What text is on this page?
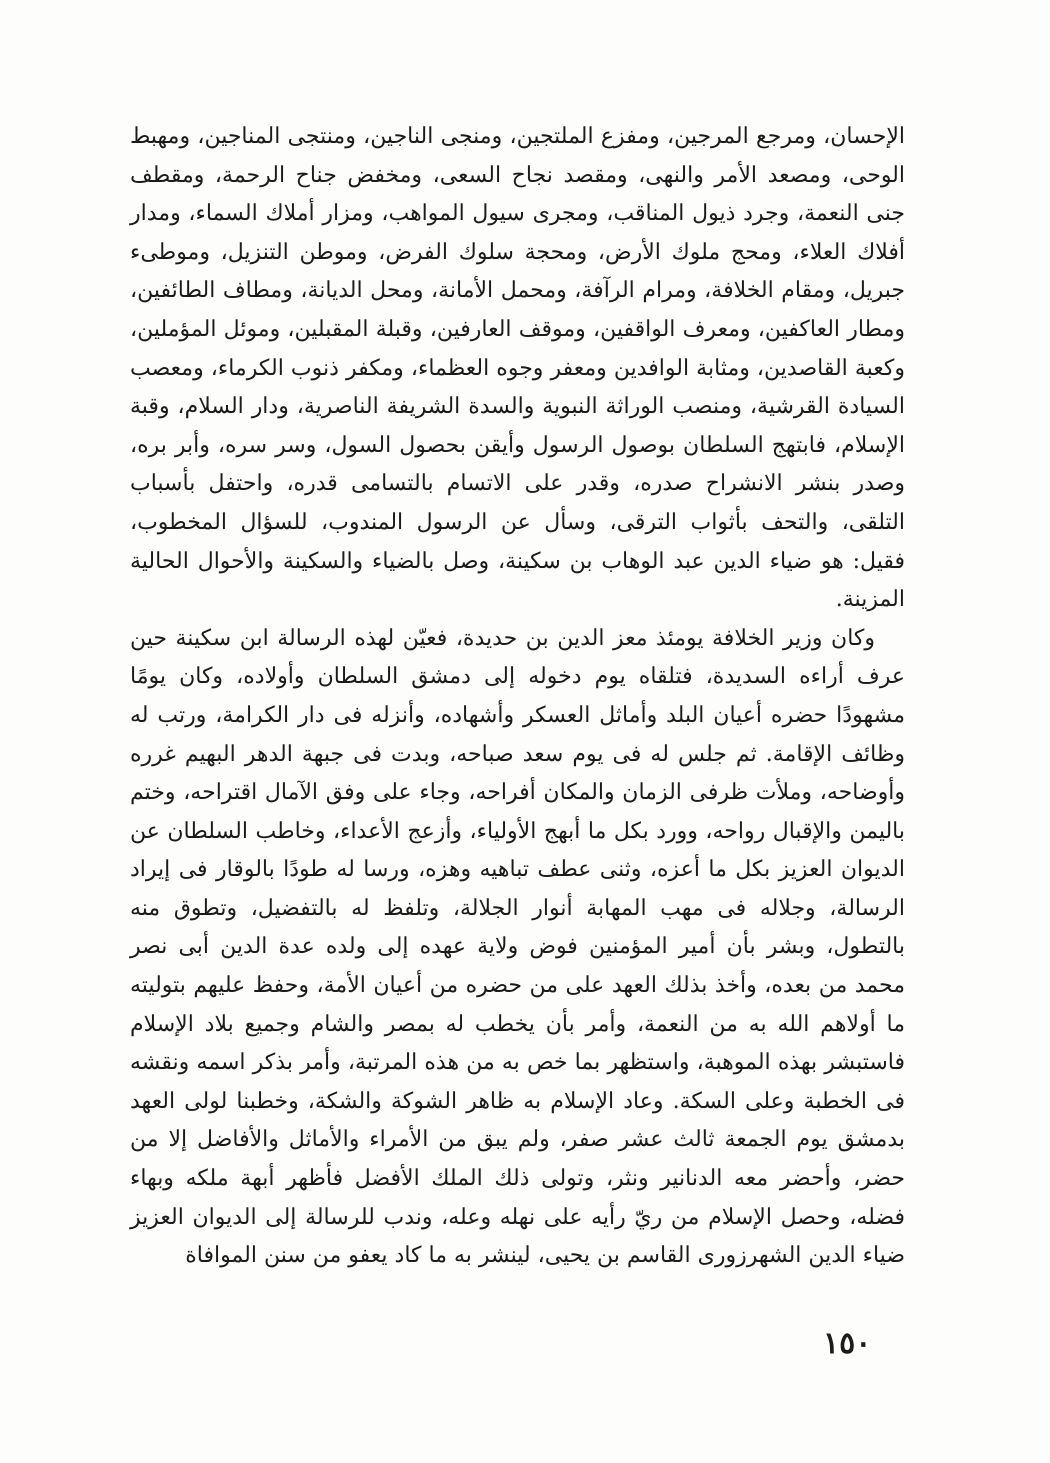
الإحسان، ومرجع المرجين، ومفزع الملتجين، ومنجى الناجين، ومنتجى المناجين، ومهبط الوحى، ومصعد الأمر والنهى، ومقصد نجاح السعى، ومخفض جناح الرحمة، ومقطف جنى النعمة، وجرد ذيول المناقب، ومجرى سيول المواهب، ومزار أملاك السماء، ومدار أفلاك العلاء، ومحج ملوك الأرض، ومحجة سلوك الفرض، وموطن التنزيل، وموطىء جبريل، ومقام الخلافة، ومرام الرآفة، ومحمل الأمانة، ومحل الديانة، ومطاف الطائفين، ومطار العاكفين، ومعرف الواقفين، وموقف العارفين، وقبلة المقبلين، وموئل المؤملين، وكعبة القاصدين، ومثابة الوافدين ومعفر وجوه العظماء، ومكفر ذنوب الكرماء، ومعصب السيادة القرشية، ومنصب الوراثة النبوية والسدة الشريفة الناصرية، ودار السلام، وقبة الإسلام، فابتهج السلطان بوصول الرسول وأيقن بحصول السول، وسر سره، وأبر بره، وصدر بنشر الانشراح صدره، وقدر على الاتسام بالتسامى قدره، واحتفل بأسباب التلقى، والتحف بأثواب الترقى، وسأل عن الرسول المندوب، للسؤال المخطوب، فقيل: هو ضياء الدين عبد الوهاب بن سكينة، وصل بالضياء والسكينة والأحوال الحالية المزينة.

وكان وزير الخلافة يومئذ معز الدين بن حديدة، فعيّن لهذه الرسالة ابن سكينة حين عرف أراءه السديدة، فتلقاه يوم دخوله إلى دمشق السلطان وأولاده، وكان يومًا مشهودًا حضره أعيان البلد وأماثل العسكر وأشهاده، وأنزله فى دار الكرامة، ورتب له وظائف الإقامة. ثم جلس له فى يوم سعد صباحه، وبدت فى جبهة الدهر البهيم غرره وأوضاحه، وملأت ظرفى الزمان والمكان أفراحه، وجاء على وفق الآمال اقتراحه، وختم باليمن والإقبال رواحه، وورد بكل ما أبهج الأولياء، وأزعج الأعداء، وخاطب السلطان عن الديوان العزيز بكل ما أعزه، وثنى عطف تباهيه وهزه، ورسا له طودًا بالوقار فى إيراد الرسالة، وجلاله فى مهب المهابة أنوار الجلالة، وتلفظ له بالتفضيل، وتطوق منه بالتطول، وبشر بأن أمير المؤمنين فوض ولاية عهده إلى ولده عدة الدين أبى نصر محمد من بعده، وأخذ بذلك العهد على من حضره من أعيان الأمة، وحفظ عليهم بتوليته ما أولاهم الله به من النعمة، وأمر بأن يخطب له بمصر والشام وجميع بلاد الإسلام فاستبشر بهذه الموهبة، واستظهر بما خص به من هذه المرتبة، وأمر بذكر اسمه ونقشه فى الخطبة وعلى السكة. وعاد الإسلام به ظاهر الشوكة والشكة، وخطبنا لولى العهد بدمشق يوم الجمعة ثالث عشر صفر، ولم يبق من الأمراء والأماثل والأفاضل إلا من حضر، وأحضر معه الدنانير ونثر، وتولى ذلك الملك الأفضل فأظهر أبهة ملكه وبهاء فضله، وحصل الإسلام من ريّ رأيه على نهله وعله، وندب للرسالة إلى الديوان العزيز ضياء الدين الشهرزورى القاسم بن يحيى، لينشر به ما كاد يعفو من سنن الموافاة

١٥٠
